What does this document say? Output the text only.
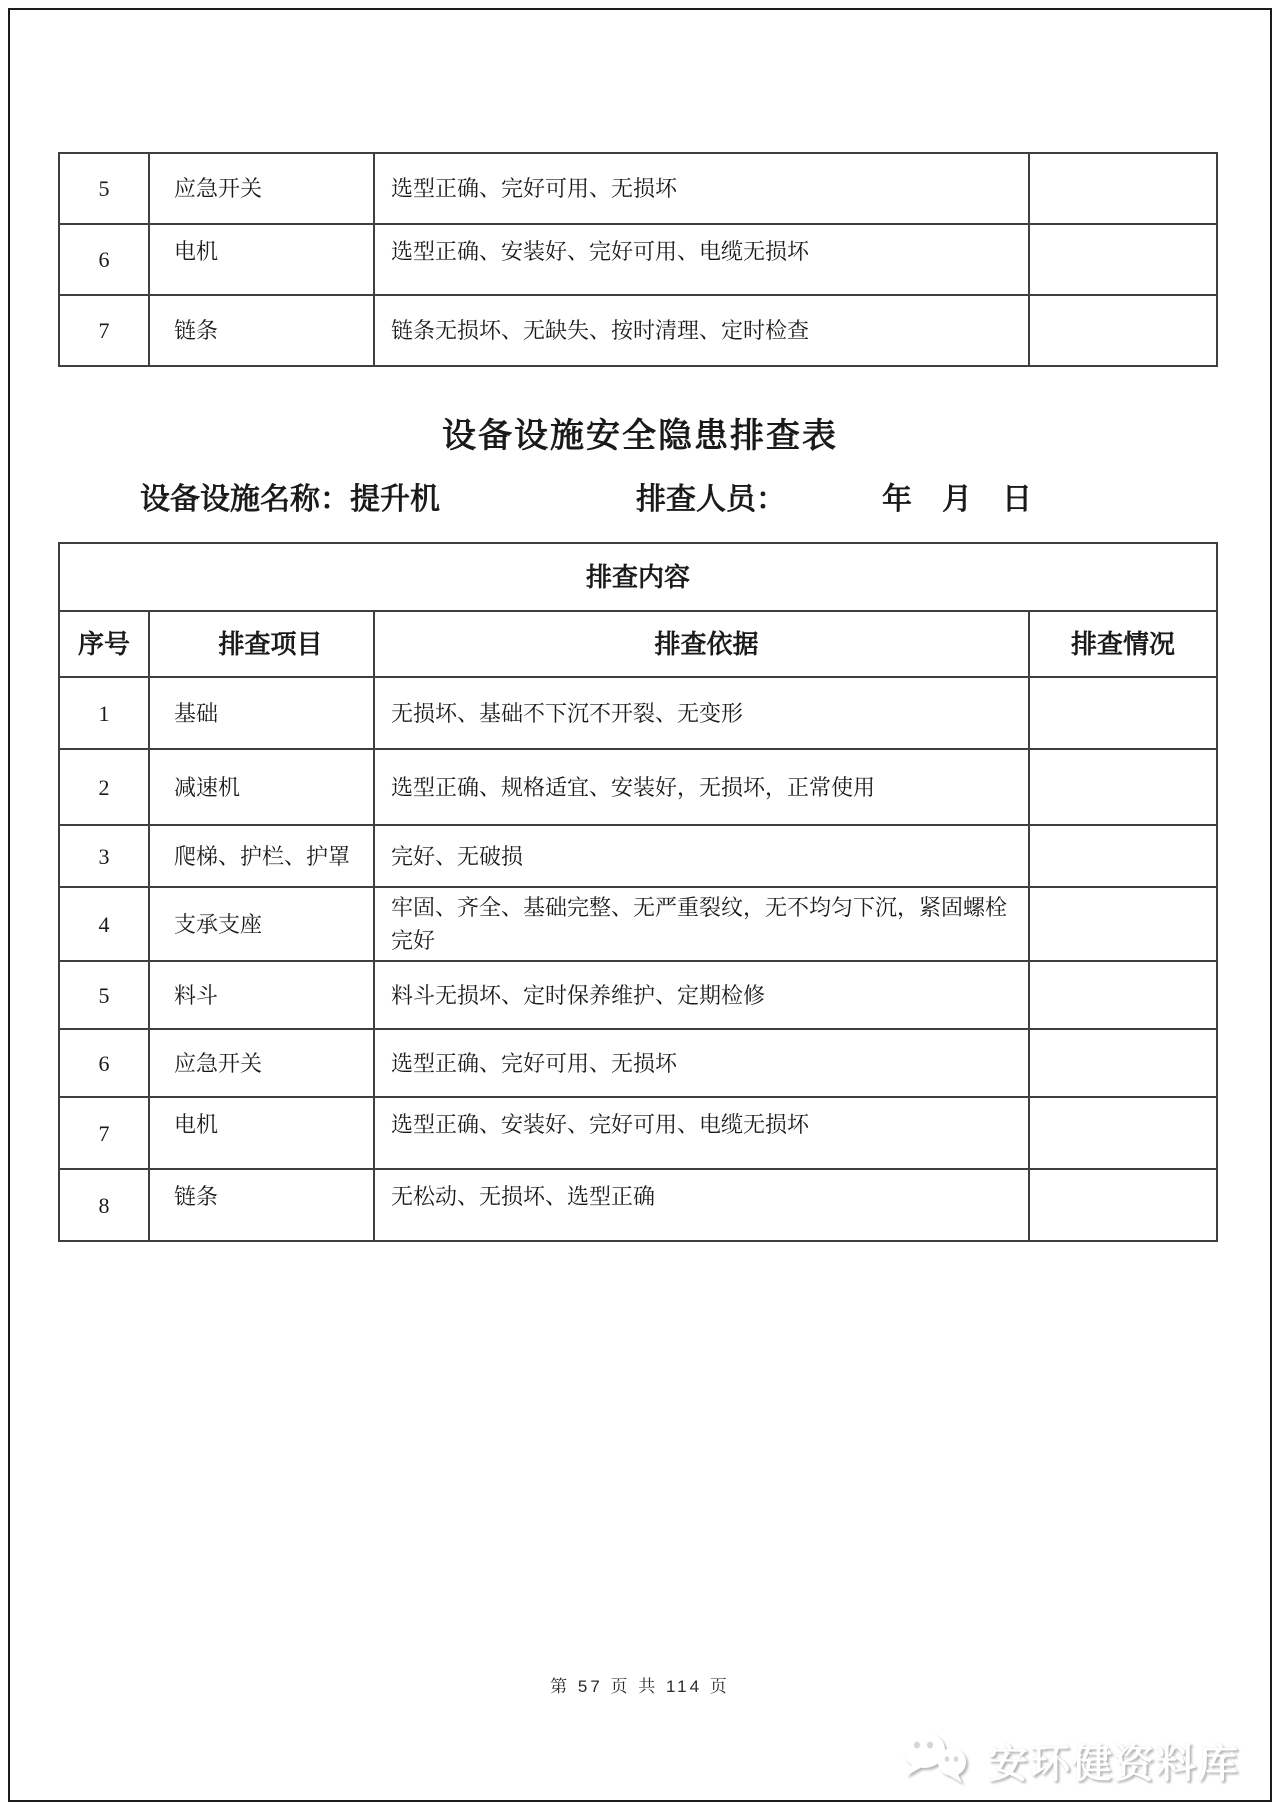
5	应急开关	选型正确、完好可用、无损坏	
6	电机	选型正确、安装好、完好可用、电缆无损坏	
7	链条	链条无损坏、无缺失、按时清理、定时检查	
设备设施安全隐患排查表
设备设施名称：提升机	排查人员：	年　月　日
排查内容			
序号	排查项目	排查依据	排查情况
1	基础	无损坏、基础不下沉不开裂、无变形	
2	减速机	选型正确、规格适宜、安装好，无损坏，正常使用	
3	爬梯、护栏、护罩	完好、无破损	
4	支承支座	牢固、齐全、基础完整、无严重裂纹，无不均匀下沉，紧固螺栓完好	
5	料斗	料斗无损坏、定时保养维护、定期检修	
6	应急开关	选型正确、完好可用、无损坏	
7	电机	选型正确、安装好、完好可用、电缆无损坏	
8	链条	无松动、无损坏、选型正确	
第 57 页 共 114 页
安环健资料库
